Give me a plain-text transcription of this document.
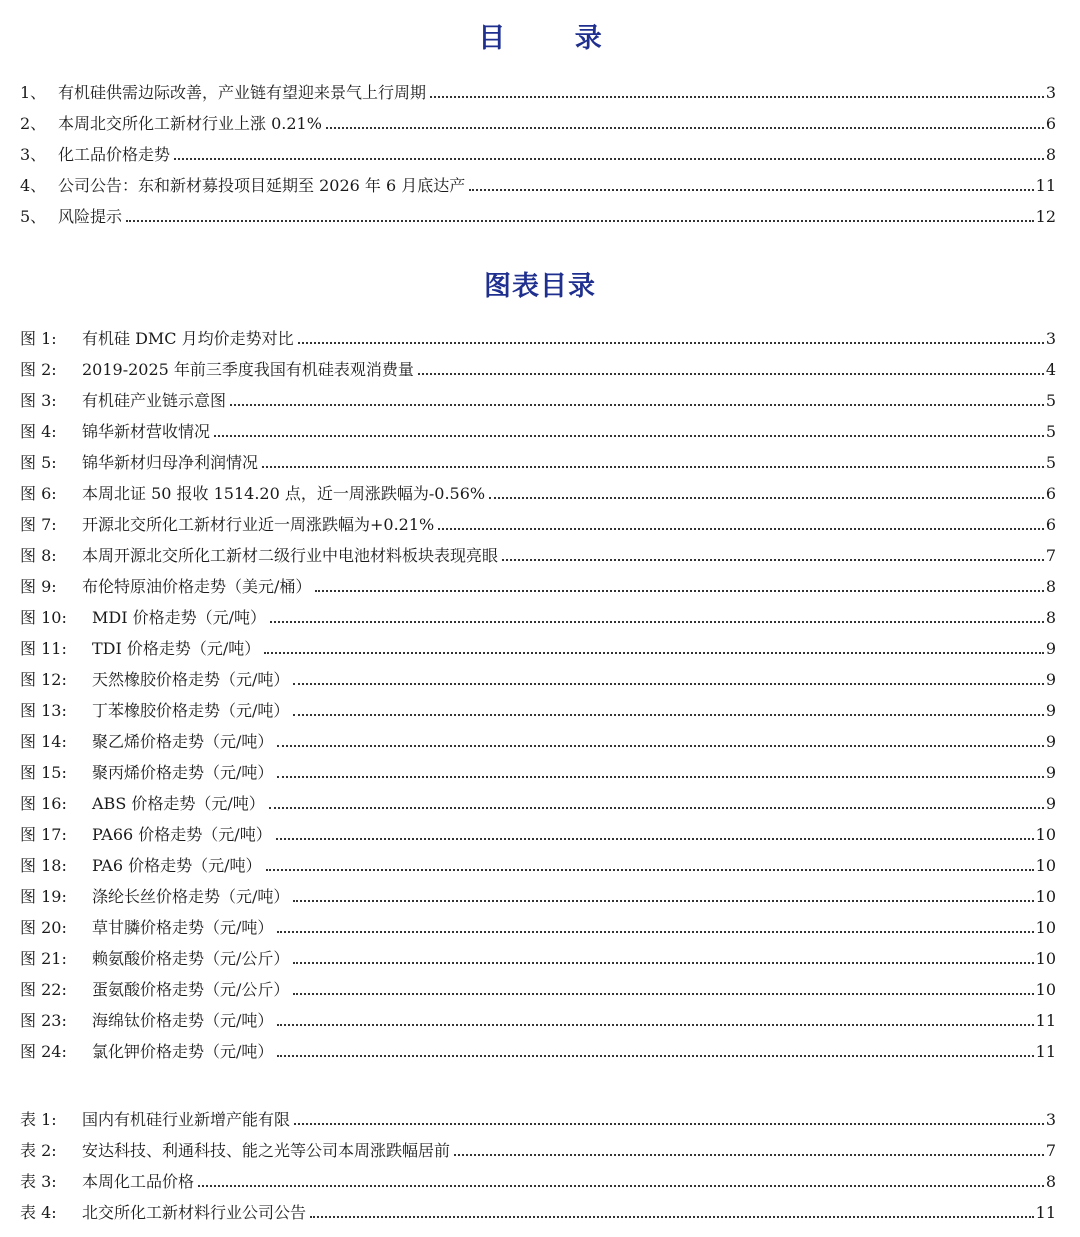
目 录
1、 有机硅供需边际改善，产业链有望迎来景气上行周期	3
2、 本周北交所化工新材行业上涨 0.21%	6
3、 化工品价格走势	8
4、 公司公告：东和新材募投项目延期至 2026 年 6 月底达产	11
5、 风险提示	12
图表目录
图 1:	有机硅 DMC 月均价走势对比	3
图 2:	2019-2025 年前三季度我国有机硅表观消费量	4
图 3:	有机硅产业链示意图	5
图 4:	锦华新材营收情况	5
图 5:	锦华新材归母净利润情况	5
图 6:	本周北证 50 报收 1514.20 点，近一周涨跌幅为-0.56%	6
图 7:	开源北交所化工新材行业近一周涨跌幅为+0.21%	6
图 8:	本周开源北交所化工新材二级行业中电池材料板块表现亮眼	7
图 9:	布伦特原油价格走势（美元/桶）	8
图 10:	MDI 价格走势（元/吨）	8
图 11:	TDI 价格走势（元/吨）	9
图 12:	天然橡胶价格走势（元/吨）	9
图 13:	丁苯橡胶价格走势（元/吨）	9
图 14:	聚乙烯价格走势（元/吨）	9
图 15:	聚丙烯价格走势（元/吨）	9
图 16:	ABS 价格走势（元/吨）	9
图 17:	PA66 价格走势（元/吨）	10
图 18:	PA6 价格走势（元/吨）	10
图 19:	涤纶长丝价格走势（元/吨）	10
图 20:	草甘膦价格走势（元/吨）	10
图 21:	赖氨酸价格走势（元/公斤）	10
图 22:	蛋氨酸价格走势（元/公斤）	10
图 23:	海绵钛价格走势（元/吨）	11
图 24:	氯化钾价格走势（元/吨）	11
表 1:	国内有机硅行业新增产能有限	3
表 2:	安达科技、利通科技、能之光等公司本周涨跌幅居前	7
表 3:	本周化工品价格	8
表 4:	北交所化工新材料行业公司公告	11
